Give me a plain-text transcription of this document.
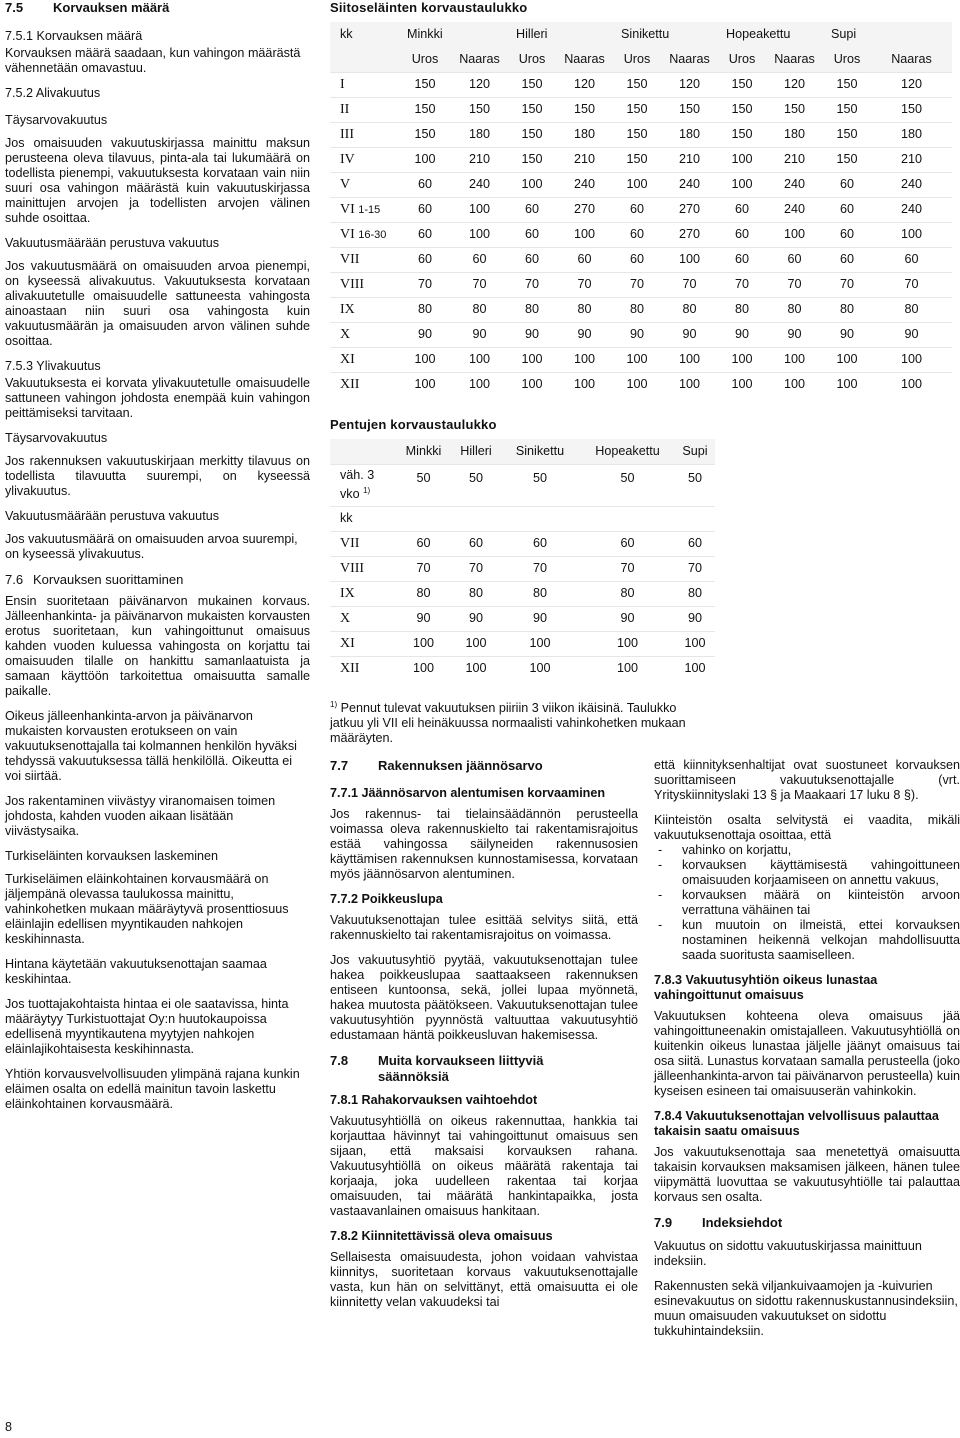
7.5	Korvauksen määrä
7.5.1 Korvauksen määrä

Korvauksen määrä saadaan, kun vahingon määrästä vähennetään omavastuu.

7.5.2 Alivakuutus
Täysarvovakuutus

Jos omaisuuden vakuutuskirjassa mainittu maksun perusteena oleva tilavuus, pinta-ala tai lukumäärä on todellista pienempi, vakuutuksesta korvataan vain niin suuri osa vahingon määrästä kuin vakuutuskirjassa mainittujen arvojen ja todellisten arvojen välinen suhde osoittaa.

Vakuutusmäärään perustuva vakuutus

Jos vakuutusmäärä on omaisuuden arvoa pienempi, on kyseessä alivakuutus. Vakuutuksesta korvataan alivakuutetulle omaisuudelle sattuneesta vahingosta ainoastaan niin suuri osa vahingosta kuin vakuutusmäärän ja omaisuuden arvon välinen suhde osoittaa.

7.5.3 Ylivakuutus

Vakuutuksesta ei korvata ylivakuutetulle omaisuudelle sattuneen vahingon johdosta enempää kuin vahingon peittämiseksi tarvitaan.

Täysarvovakuutus

Jos rakennuksen vakuutuskirjaan merkitty tilavuus on todellista tilavuutta suurempi, on kyseessä ylivakuutus.

Vakuutusmäärään perustuva vakuutus

Jos vakuutusmäärä on omaisuuden arvoa suurempi, on kyseessä ylivakuutus.

7.6 Korvauksen suorittaminen

Ensin suoritetaan päivänarvon mukainen korvaus. Jälleenhankinta- ja päivänarvon mukaisten korvausten erotus suoritetaan, kun vahingoittunut omaisuus kahden vuoden kuluessa vahingosta on korjattu tai omaisuuden tilalle on hankittu samanlaatuista ja samaan käyttöön tarkoitettua omaisuutta samalle paikalle.

Oikeus jälleenhankinta-arvon ja päivänarvon mukaisten korvausten erotukseen on vain vakuutuksenottajalla tai kolmannen henkilön hyväksi tehdyssä vakuutuksessa tällä henkilöllä. Oikeutta ei voi siirtää.

Jos rakentaminen viivästyy viranomaisen toimen johdosta, kahden vuoden aikaan lisätään viivästysaika.

Turkiseläinten korvauksen laskeminen

Turkiseläimen eläinkohtainen korvausmäärä on jäljempänä olevassa taulukossa mainittu, vahinkohetken mukaan määräytyvä prosenttiosuus eläinlajin edellisen myyntikauden nahkojen keskihinnasta.

Hintana käytetään vakuutuksenottajan saamaa keskihintaa.

Jos tuottajakohtaista hintaa ei ole saatavissa, hinta määräytyy Turkistuottajat Oy:n huutokaupoissa edellisenä myyntikautena myytyjen nahkojen eläinlajikohtaisesta keskihinnasta.

Yhtiön korvausvelvollisuuden ylimpänä rajana kunkin eläimen osalta on edellä mainitun tavoin laskettu eläinkohtainen korvausmäärä.

Siitoseläinten korvaustaulukko
kk	Minkki		Hilleri		Sinikettu		Hopeakettu		Supi	
	Uros	Naaras	Uros	Naaras	Uros	Naaras	Uros	Naaras	Uros	Naaras
I	150	120	150	120	150	120	150	120	150	120
II	150	150	150	150	150	150	150	150	150	150
III	150	180	150	180	150	180	150	180	150	180
IV	100	210	150	210	150	210	100	210	150	210
V	60	240	100	240	100	240	100	240	60	240
VI 1-15	60	100	60	270	60	270	60	240	60	240
VI 16-30	60	100	60	100	60	270	60	100	60	100
VII	60	60	60	60	60	100	60	60	60	60
VIII	70	70	70	70	70	70	70	70	70	70
IX	80	80	80	80	80	80	80	80	80	80
X	90	90	90	90	90	90	90	90	90	90
XI	100	100	100	100	100	100	100	100	100	100
XII	100	100	100	100	100	100	100	100	100	100
Pentujen korvaustaulukko
	Minkki	Hilleri	Sinikettu	Hopeakettu	Supi
väh. 3 vko $^{1)}$	50	50	50	50	50
kk					
VII	60	60	60	60	60
VIII	70	70	70	70	70
IX	80	80	80	80	80
X	90	90	90	90	90
XI	100	100	100	100	100
XII	100	100	100	100	100
$^{1)}$ Pennut tulevat vakuutuksen piiriin 3 viikon ikäisinä. Taulukko jatkuu yli VII eli heinäkuussa normaalisti vahinkohetken mukaan määräyten.
7.7	Rakennuksen jäännösarvo
7.7.1 Jäännösarvon alentumisen korvaaminen

Jos rakennus- tai tielainsäädännön perusteella voimassa oleva rakennuskielto tai rakentamisrajoitus estää vahingossa säilyneiden rakennusosien käyttämisen rakennuksen kunnostamisessa, korvataan myös jäännösarvon alentuminen.

7.7.2 Poikkeuslupa

Vakuutuksenottajan tulee esittää selvitys siitä, että rakennuskielto tai rakentamisrajoitus on voimassa.

Jos vakuutusyhtiö pyytää, vakuutuksenottajan tulee hakea poikkeuslupaa saattaakseen rakennuksen entiseen kuntoonsa, sekä, jollei lupaa myönnetä, hakea muutosta päätökseen. Vakuutuksenottajan tulee vakuutusyhtiön pyynnöstä valtuuttaa vakuutusyhtiö edustamaan häntä poikkeusluvan hakemisessa.

7.8	Muita korvaukseen liittyviä säännöksiä
7.8.1 Rahakorvauksen vaihtoehdot

Vakuutusyhtiöllä on oikeus rakennuttaa, hankkia tai korjauttaa hävinnyt tai vahingoittunut omaisuus sen sijaan, että maksaisi korvauksen rahana. Vakuutusyhtiöllä on oikeus määrätä rakentaja tai korjaaja, joka uudelleen rakentaa tai korjaa omaisuuden, tai määrätä hankintapaikka, josta vastaavanlainen omaisuus hankitaan.

7.8.2 Kiinnitettävissä oleva omaisuus

Sellaisesta omaisuudesta, johon voidaan vahvistaa kiinnitys, suoritetaan korvaus vakuutuksenottajalle vasta, kun hän on selvittänyt, että omaisuutta ei ole kiinnitetty velan vakuudeksi tai

että kiinnityksenhaltijat ovat suostuneet korvauksen suorittamiseen vakuutuksenottajalle (vrt. Yrityskiinnityslaki 13 § ja Maakaari 17 luku 8 §).

Kiinteistön osalta selvitystä ei vaadita, mikäli vakuutuksenottaja osoittaa, että

- vahinko on korjattu,
- korvauksen käyttämisestä vahingoittuneen omaisuuden korjaamiseen on annettu vakuus,
- korvauksen määrä on kiinteistön arvoon verrattuna vähäinen tai
- kun muutoin on ilmeistä, ettei korvauksen nostaminen heikennä velkojan mahdollisuutta saada suoritusta saamiselleen.
7.8.3 Vakuutusyhtiön oikeus lunastaa vahingoittunut omaisuus

Vakuutuksen kohteena oleva omaisuus jää vahingoittuneenakin omistajalleen. Vakuutusyhtiöllä on kuitenkin oikeus lunastaa jäljelle jäänyt omaisuus tai osa siitä. Lunastus korvataan samalla perusteella (joko jälleenhankinta-arvon tai päivänarvon perusteella) kuin kyseisen esineen tai omaisuuserän vahinkokin.

7.8.4 Vakuutuksenottajan velvollisuus palauttaa takaisin saatu omaisuus

Jos vakuutuksenottaja saa menetettyä omaisuutta takaisin korvauksen maksamisen jälkeen, hänen tulee viipymättä luovuttaa se vakuutusyhtiölle tai palauttaa korvaus sen osalta.

7.9	Indeksiehdot

Vakuutus on sidottu vakuutuskirjassa mainittuun indeksiin.

Rakennusten sekä viljankuivaamojen ja -kuivurien esinevakuutus on sidottu rakennuskustannusindeksiin, muun omaisuuden vakuutukset on sidottu tukkuhintaindeksiin.

8
